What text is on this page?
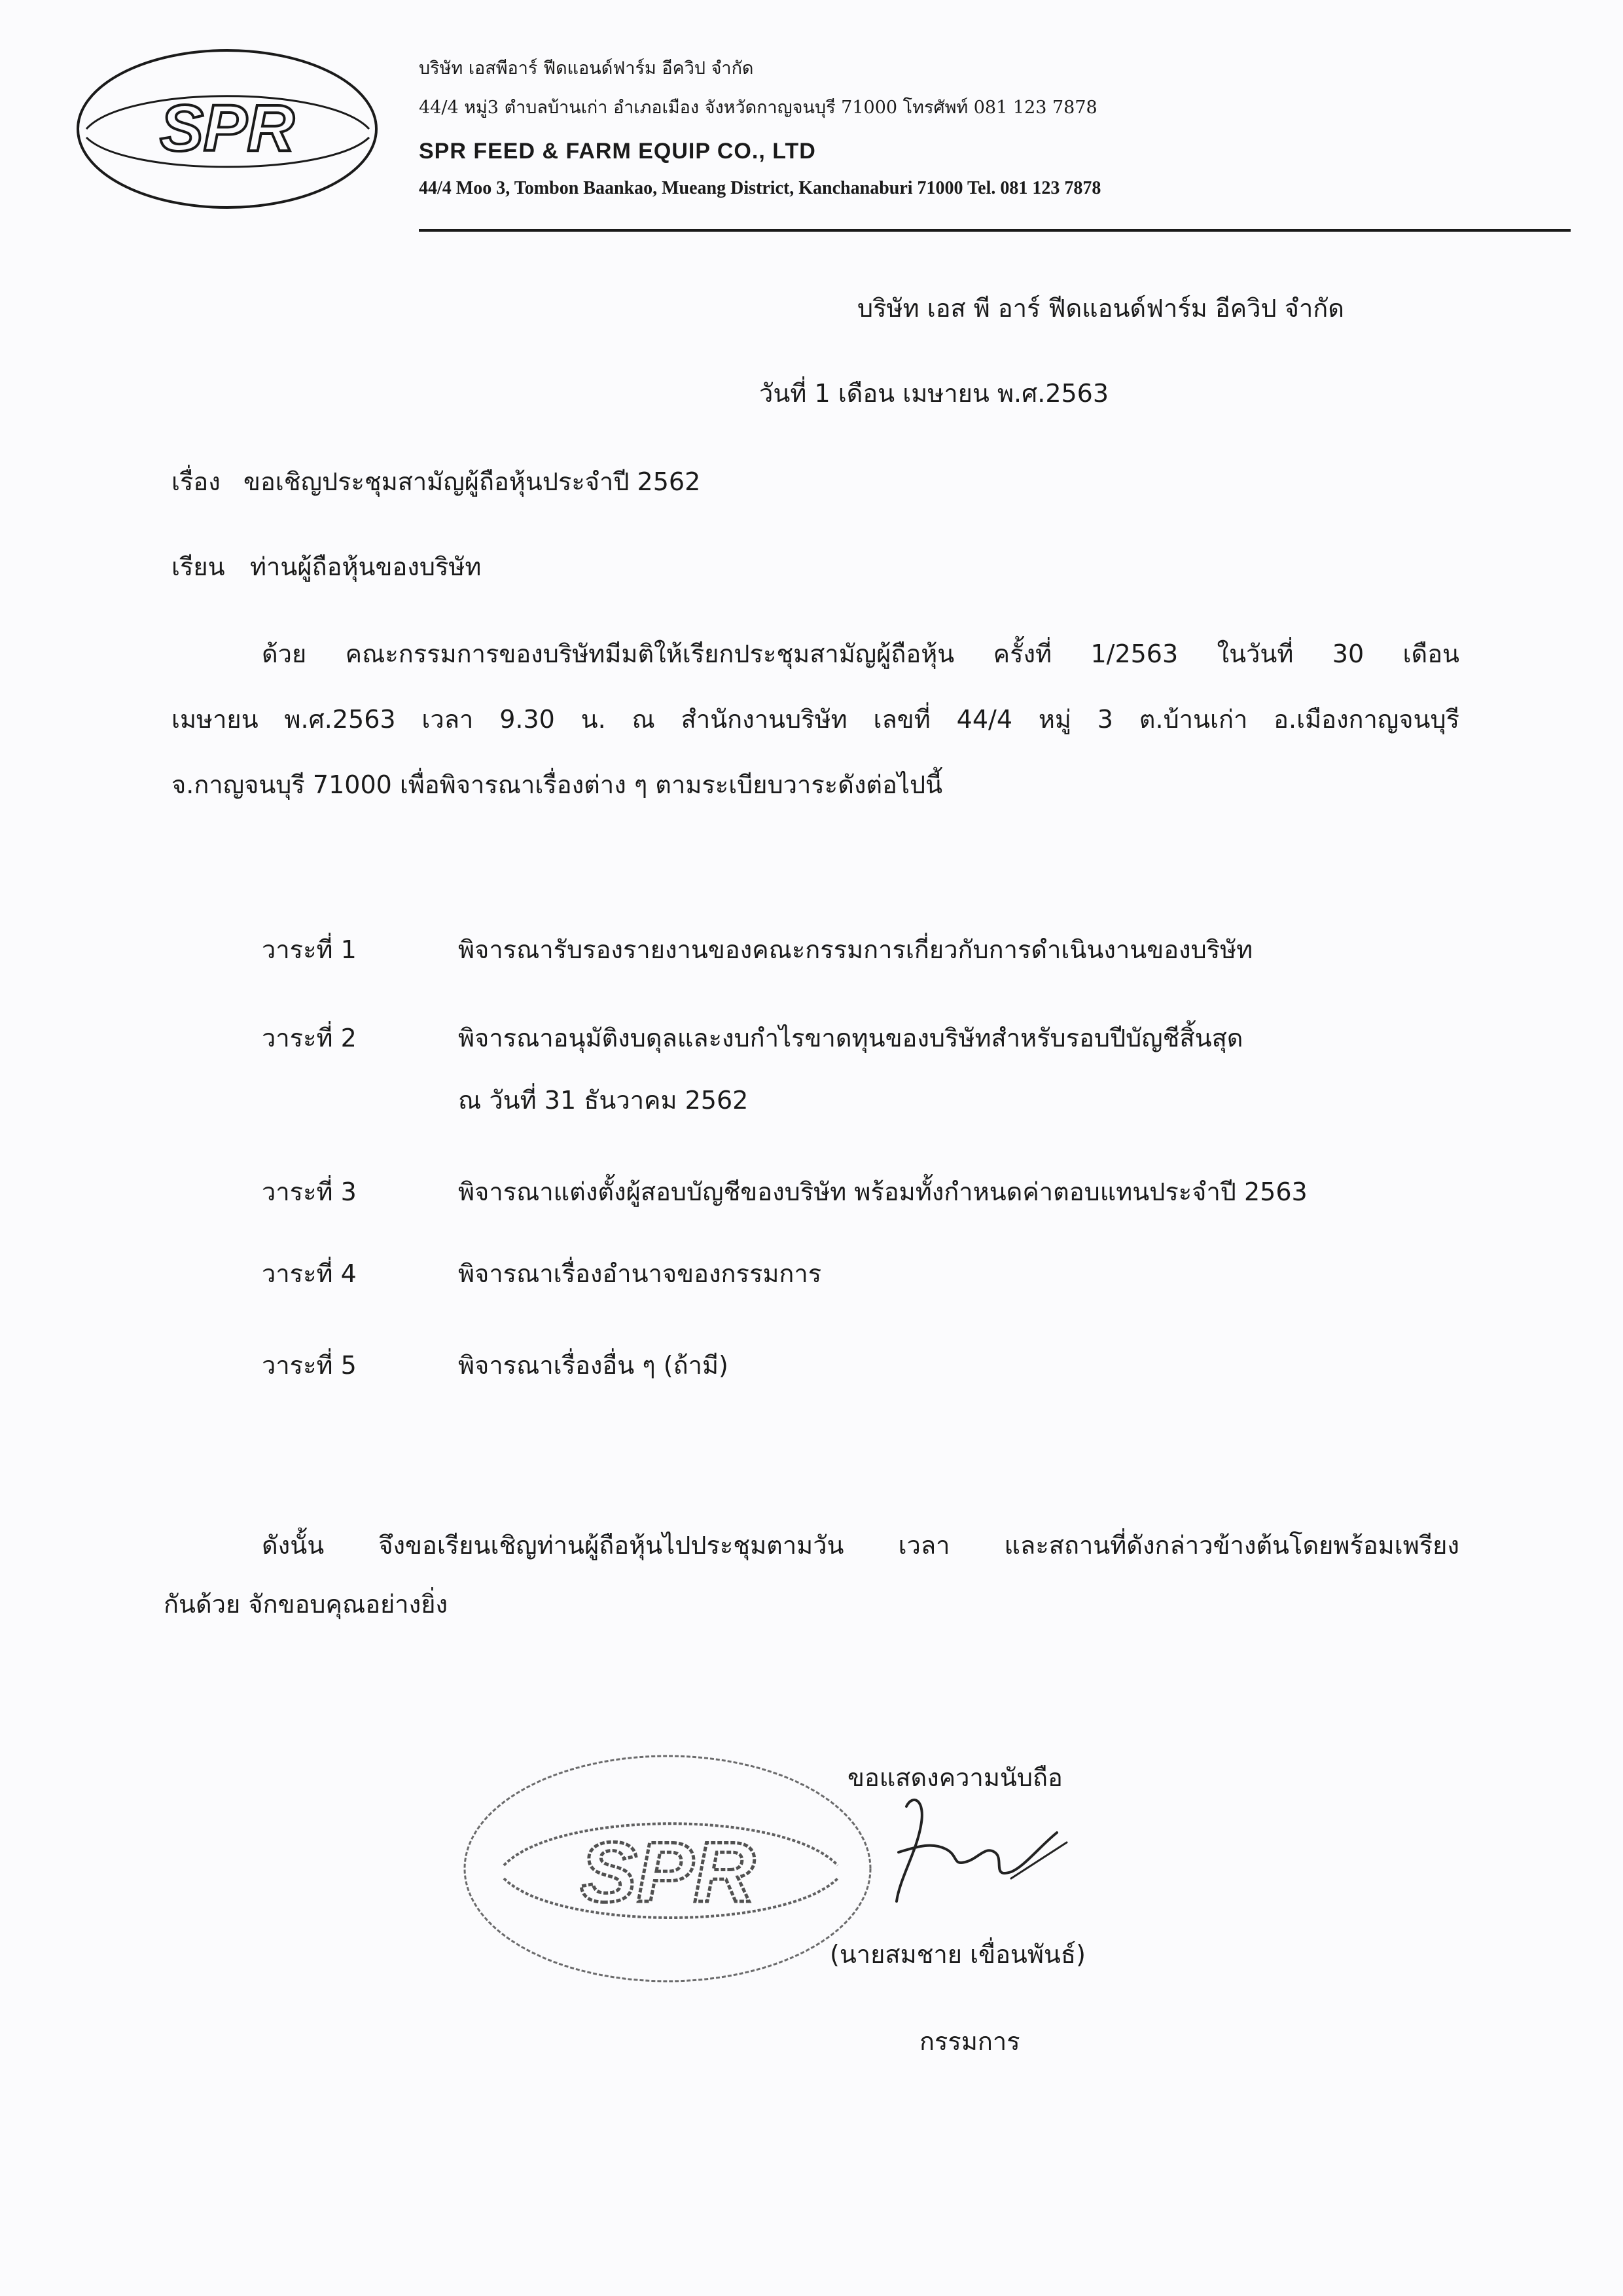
SPR
บริษัท เอสพีอาร์ ฟีดแอนด์ฟาร์ม อีควิป จำกัด
44/4 หมู่3 ตำบลบ้านเก่า อำเภอเมือง จังหวัดกาญจนบุรี 71000 โทรศัพท์ 081 123 7878
SPR FEED & FARM EQUIP CO., LTD
44/4 Moo 3, Tombon Baankao, Mueang District, Kanchanaburi 71000 Tel. 081 123 7878
บริษัท เอส พี อาร์ ฟีดแอนด์ฟาร์ม อีควิป จำกัด
วันที่ 1 เดือน เมษายน พ.ศ.2563
เรื่อง ขอเชิญประชุมสามัญผู้ถือหุ้นประจำปี 2562
เรียน ท่านผู้ถือหุ้นของบริษัท
ด้วย คณะกรรมการของบริษัทมีมติให้เรียกประชุมสามัญผู้ถือหุ้น ครั้งที่ 1/2563 ในวันที่ 30 เดือน
เมษายน พ.ศ.2563 เวลา 9.30 น. ณ สำนักงานบริษัท เลขที่ 44/4 หมู่ 3 ต.บ้านเก่า อ.เมืองกาญจนบุรี
จ.กาญจนบุรี 71000 เพื่อพิจารณาเรื่องต่าง ๆ ตามระเบียบวาระดังต่อไปนี้
วาระที่ 1	พิจารณารับรองรายงานของคณะกรรมการเกี่ยวกับการดำเนินงานของบริษัท
วาระที่ 2	พิจารณาอนุมัติงบดุลและงบกำไรขาดทุนของบริษัทสำหรับรอบปีบัญชีสิ้นสุด
ณ วันที่ 31 ธันวาคม 2562
วาระที่ 3	พิจารณาแต่งตั้งผู้สอบบัญชีของบริษัท พร้อมทั้งกำหนดค่าตอบแทนประจำปี 2563
วาระที่ 4	พิจารณาเรื่องอำนาจของกรรมการ
วาระที่ 5	พิจารณาเรื่องอื่น ๆ (ถ้ามี)
ดังนั้น จึงขอเรียนเชิญท่านผู้ถือหุ้นไปประชุมตามวัน เวลา และสถานที่ดังกล่าวข้างต้นโดยพร้อมเพรียง
กันด้วย จักขอบคุณอย่างยิ่ง
ขอแสดงความนับถือ
SPR
(นายสมชาย เขื่อนพันธ์)
กรรมการ
